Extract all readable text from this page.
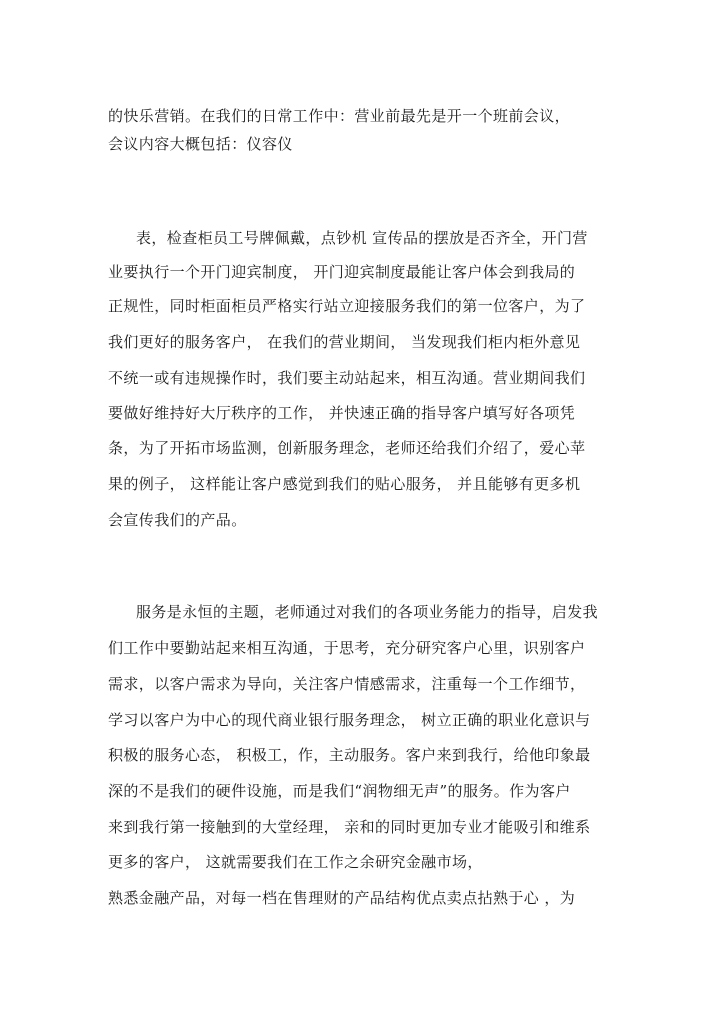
的快乐营销。在我们的日常工作中：营业前最先是开一个班前会议，
会议内容大概包括：仪容仪
表，检查柜员工号牌佩戴，点钞机 宣传品的摆放是否齐全，开门营
业要执行一个开门迎宾制度， 开门迎宾制度最能让客户体会到我局的
正规性，同时柜面柜员严格实行站立迎接服务我们的第一位客户，为了
我们更好的服务客户， 在我们的营业期间， 当发现我们柜内柜外意见
不统一或有违规操作时，我们要主动站起来，相互沟通。营业期间我们
要做好维持好大厅秩序的工作， 并快速正确的指导客户填写好各项凭
条，为了开拓市场监测，创新服务理念，老师还给我们介绍了，爱心苹
果的例子， 这样能让客户感觉到我们的贴心服务， 并且能够有更多机
会宣传我们的产品。
服务是永恒的主题，老师通过对我们的各项业务能力的指导，启发我
们工作中要勤站起来相互沟通，于思考，充分研究客户心里，识别客户
需求，以客户需求为导向，关注客户情感需求，注重每一个工作细节，
学习以客户为中心的现代商业银行服务理念， 树立正确的职业化意识与
积极的服务心态， 积极工，作，主动服务。客户来到我行，给他印象最
深的不是我们的硬件设施，而是我们“润物细无声”的服务。作为客户
来到我行第一接触到的大堂经理， 亲和的同时更加专业才能吸引和维系
更多的客户， 这就需要我们在工作之余研究金融市场，
熟悉金融产品，对每一档在售理财的产品结构优点卖点拈熟于心 ，为
